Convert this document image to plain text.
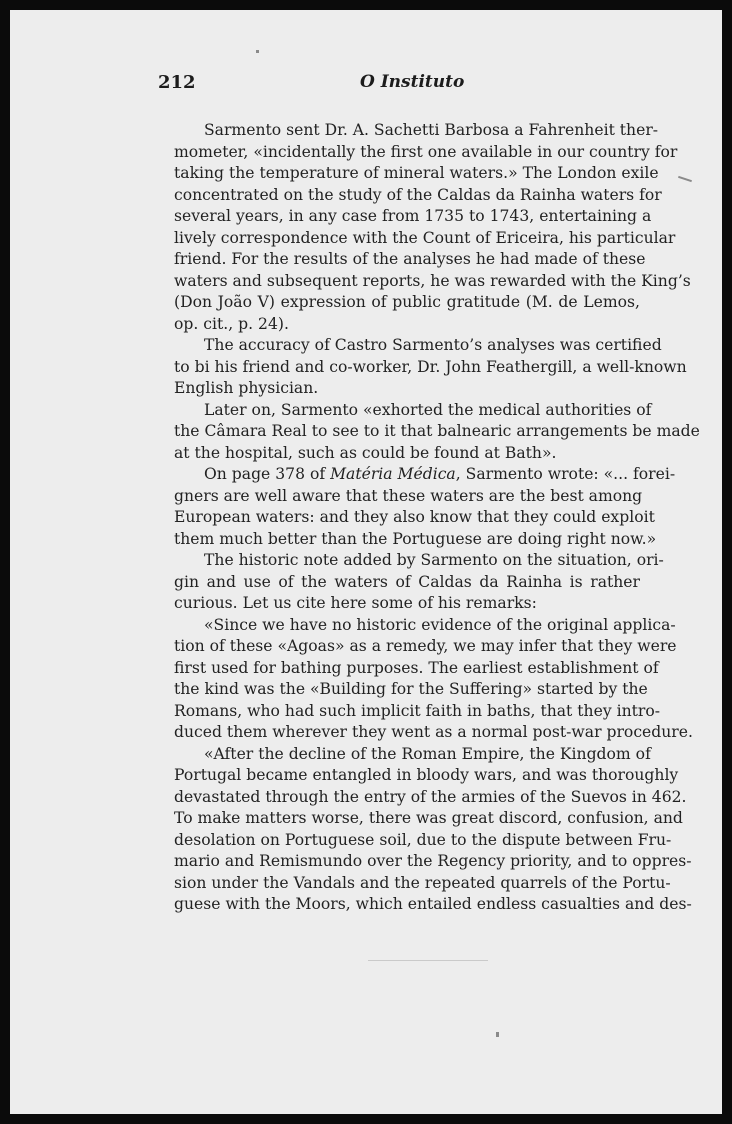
212	O Instituto
Sarmento sent Dr. A. Sachetti Barbosa a Fahrenheit ther-
mometer, «incidentally the first one available in our country for
taking the temperature of mineral waters.» The London exile
concentrated on the study of the Caldas da Rainha waters for
several years, in any case from 1735 to 1743, entertaining a
lively correspondence with the Count of Ericeira, his particular
friend. For the results of the analyses he had made of these
waters and subsequent reports, he was rewarded with the King’s
(Don João V) expression of public gratitude (M. de Lemos,
op. cit., p. 24).
The accuracy of Castro Sarmento’s analyses was certified
to bi his friend and co-worker, Dr. John Feathergill, a well-known
English physician.
Later on, Sarmento «exhorted the medical authorities of
the Câmara Real to see to it that balnearic arrangements be made
at the hospital, such as could be found at Bath».
On page 378 of Matéria Médica, Sarmento wrote: «... forei-
gners are well aware that these waters are the best among
European waters: and they also know that they could exploit
them much better than the Portuguese are doing right now.»
The historic note added by Sarmento on the situation, ori-
gin and use of the waters of Caldas da Rainha is rather
curious. Let us cite here some of his remarks:
«Since we have no historic evidence of the original applica-
tion of these «Agoas» as a remedy, we may infer that they were
first used for bathing purposes. The earliest establishment of
the kind was the «Building for the Suffering» started by the
Romans, who had such implicit faith in baths, that they intro-
duced them wherever they went as a normal post-war procedure.
«After the decline of the Roman Empire, the Kingdom of
Portugal became entangled in bloody wars, and was thoroughly
devastated through the entry of the armies of the Suevos in 462.
To make matters worse, there was great discord, confusion, and
desolation on Portuguese soil, due to the dispute between Fru-
mario and Remismundo over the Regency priority, and to oppres-
sion under the Vandals and the repeated quarrels of the Portu-
guese with the Moors, which entailed endless casualties and des-
